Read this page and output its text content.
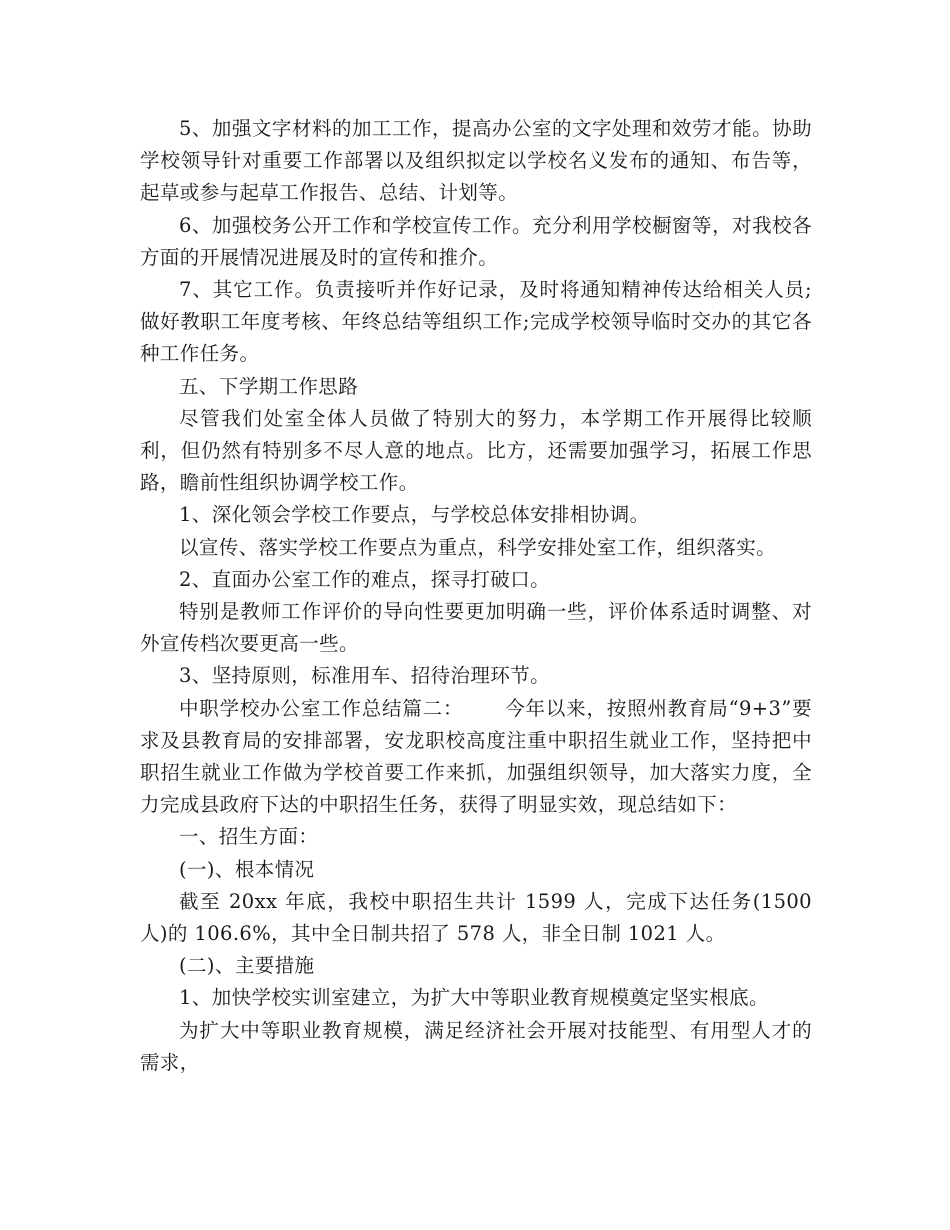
5、加强文字材料的加工工作，提高办公室的文字处理和效劳才能。协助学校领导针对重要工作部署以及组织拟定以学校名义发布的通知、布告等，起草或参与起草工作报告、总结、计划等。

6、加强校务公开工作和学校宣传工作。充分利用学校橱窗等，对我校各方面的开展情况进展及时的宣传和推介。

7、其它工作。负责接听并作好记录，及时将通知精神传达给相关人员;做好教职工年度考核、年终总结等组织工作;完成学校领导临时交办的其它各种工作任务。

五、下学期工作思路

尽管我们处室全体人员做了特别大的努力，本学期工作开展得比较顺利，但仍然有特别多不尽人意的地点。比方，还需要加强学习，拓展工作思路，瞻前性组织协调学校工作。

1、深化领会学校工作要点，与学校总体安排相协调。

以宣传、落实学校工作要点为重点，科学安排处室工作，组织落实。

2、直面办公室工作的难点，探寻打破口。

特别是教师工作评价的导向性要更加明确一些，评价体系适时调整、对外宣传档次要更高一些。

3、坚持原则，标准用车、招待治理环节。

中职学校办公室工作总结篇二：      今年以来，按照州教育局“9+3”要求及县教育局的安排部署，安龙职校高度注重中职招生就业工作，坚持把中职招生就业工作做为学校首要工作来抓，加强组织领导，加大落实力度，全力完成县政府下达的中职招生任务，获得了明显实效，现总结如下：

一、招生方面：

(一)、根本情况

截至 20xx 年底，我校中职招生共计 1599 人，完成下达任务(1500 人)的 106.6%，其中全日制共招了 578 人，非全日制 1021 人。

(二)、主要措施

1、加快学校实训室建立，为扩大中等职业教育规模奠定坚实根底。

为扩大中等职业教育规模，满足经济社会开展对技能型、有用型人才的需求，
